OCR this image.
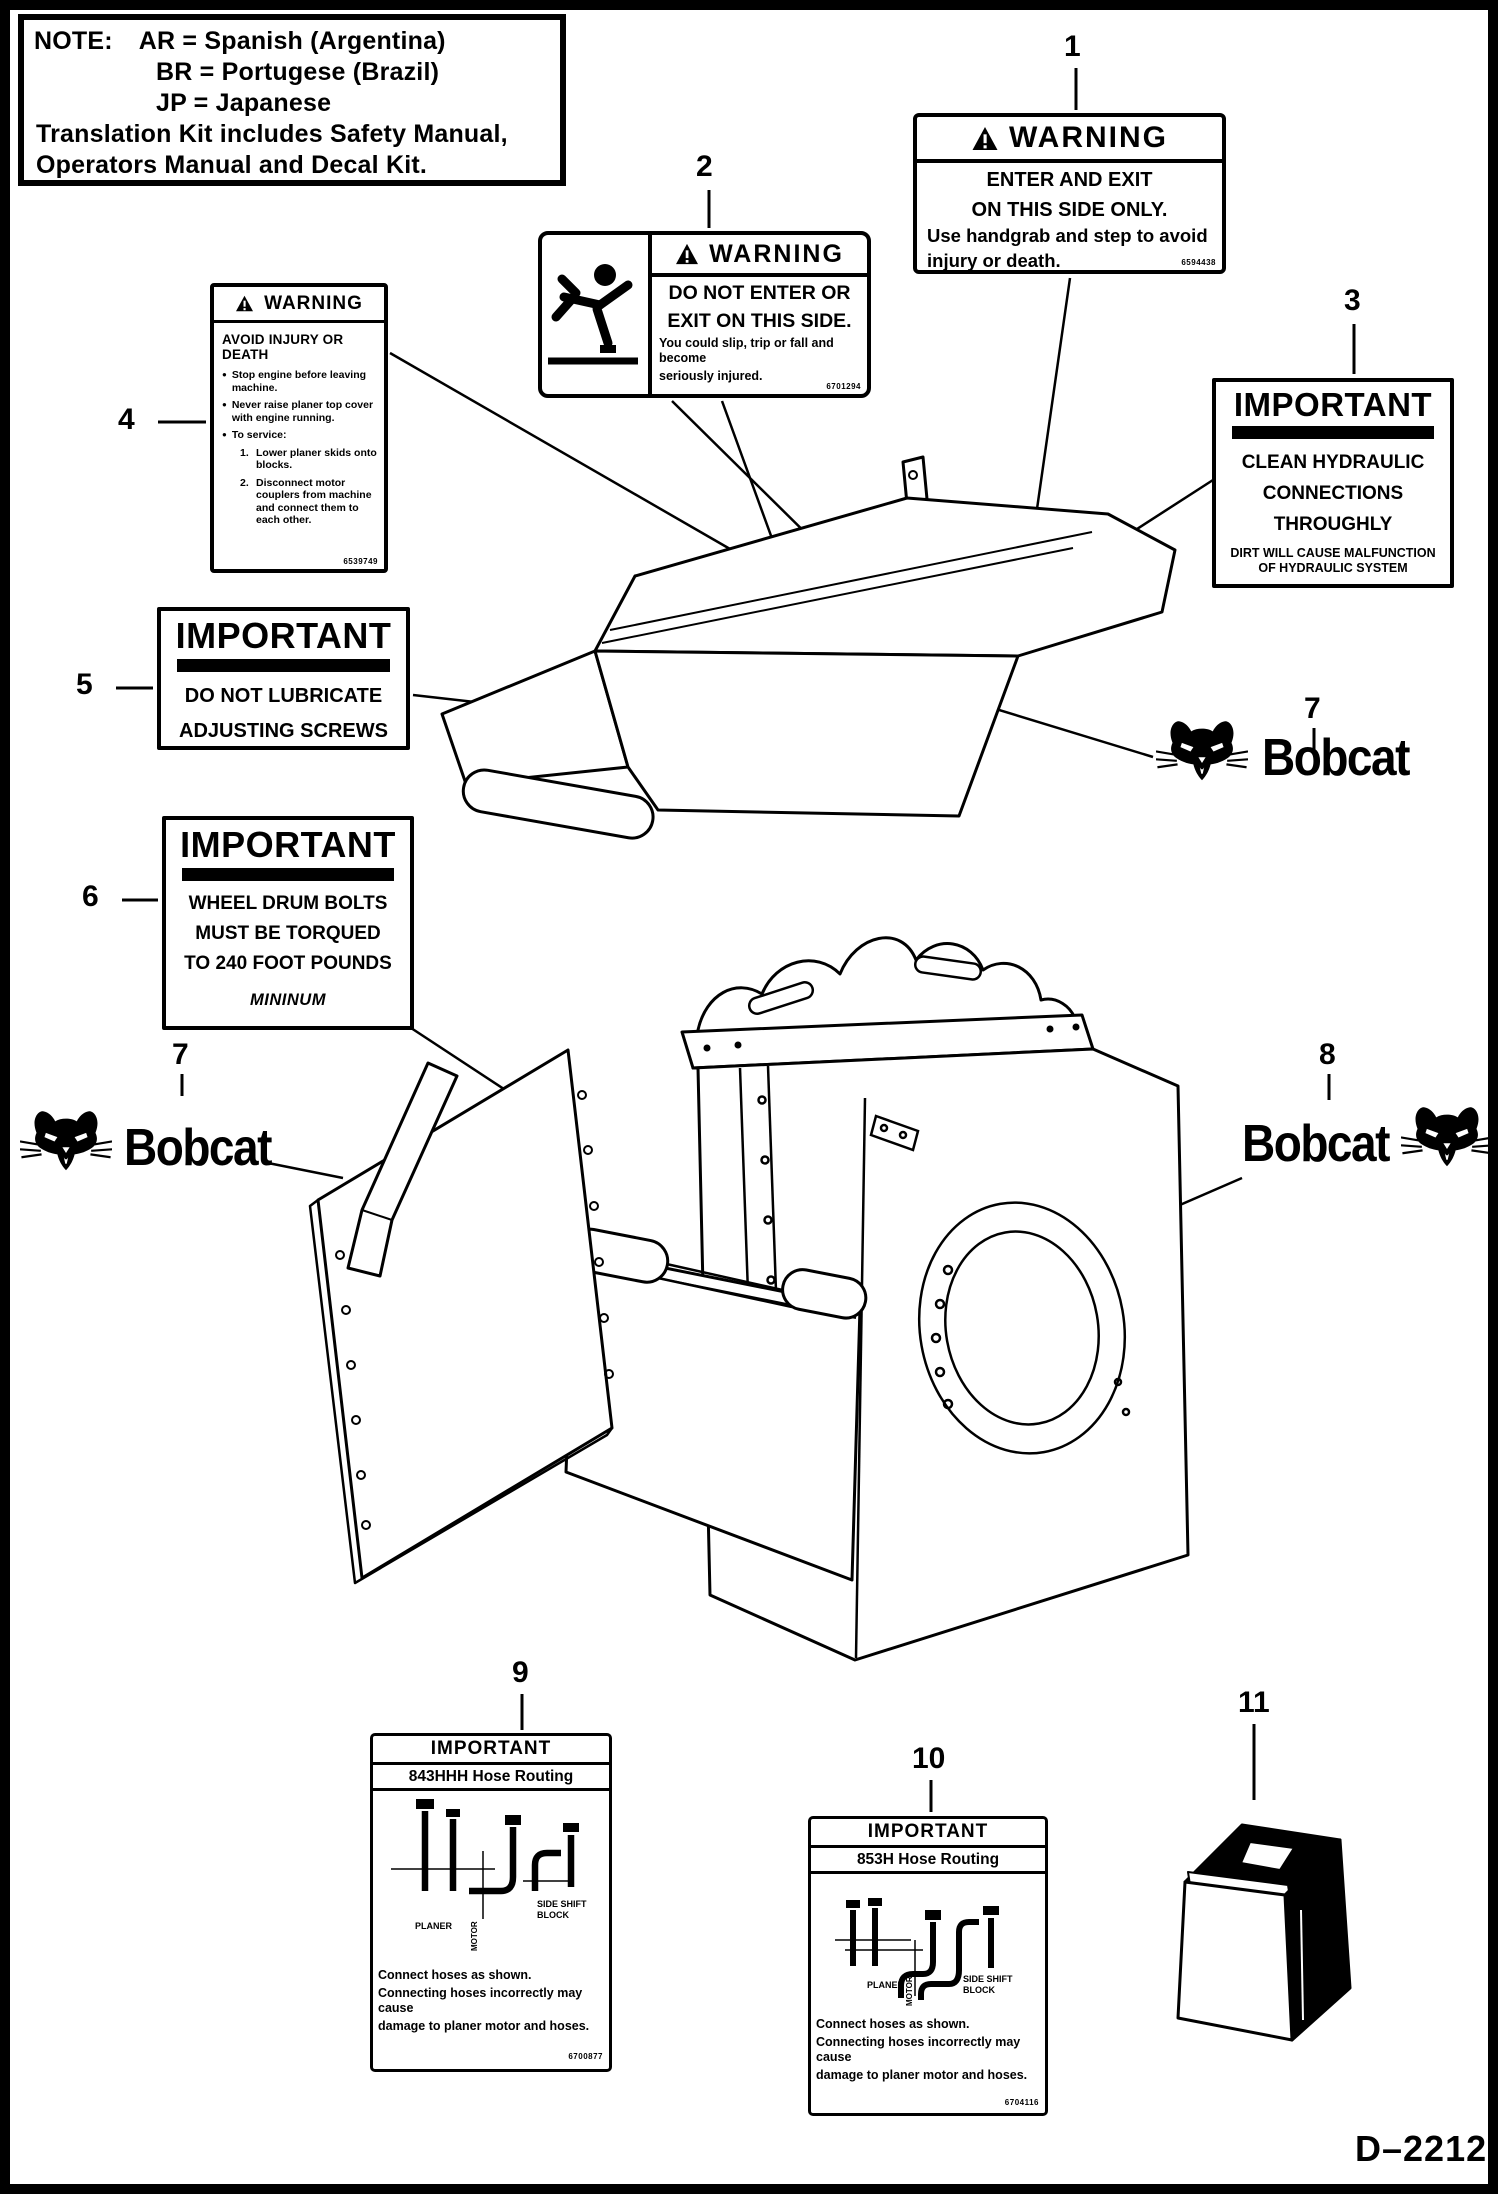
NOTE: AR = Spanish (Argentina)
BR = Portugese (Brazil)
JP = Japanese
Translation Kit includes Safety Manual,
Operators Manual and Decal Kit.
1
2
3
4
5
6
7
7	8
9
10
11
WARNING
ENTER AND EXIT
ON THIS SIDE ONLY.
Use handgrab and step to avoid
injury or death.	6594438
WARNING
DO NOT ENTER OR
EXIT ON THIS SIDE.
You could slip, trip or fall and become
seriously injured.
6701294	IMPORTANT
CLEAN HYDRAULIC
CONNECTIONS
THROUGHLY
DIRT WILL CAUSE MALFUNCTION
OF HYDRAULIC SYSTEM
WARNING
AVOID INJURY OR DEATH
● Stop engine before leaving machine.
● Never raise planer top cover with engine running.
● To service:
1. Lower planer skids onto blocks.
2. Disconnect motor couplers from machine and connect them to each other.
6539749
IMPORTANT
DO NOT LUBRICATE
ADJUSTING SCREWS
IMPORTANT
WHEEL DRUM BOLTS
MUST BE TORQUED
TO 240 FOOT POUNDS
MININUM
Bobcat
Bobcat	Bobcat
IMPORTANT
843HHH Hose Routing
SIDE SHIFT
BLOCK
PLANER MOTOR
Connect hoses as shown.
Connecting hoses incorrectly may cause
damage to planer motor and hoses.
6700877
IMPORTANT
853H Hose Routing
SIDE SHIFT
BLOCK
PLANER MOTOR
Connect hoses as shown.
Connecting hoses incorrectly may cause
damage to planer motor and hoses.
6704116
D–2212
